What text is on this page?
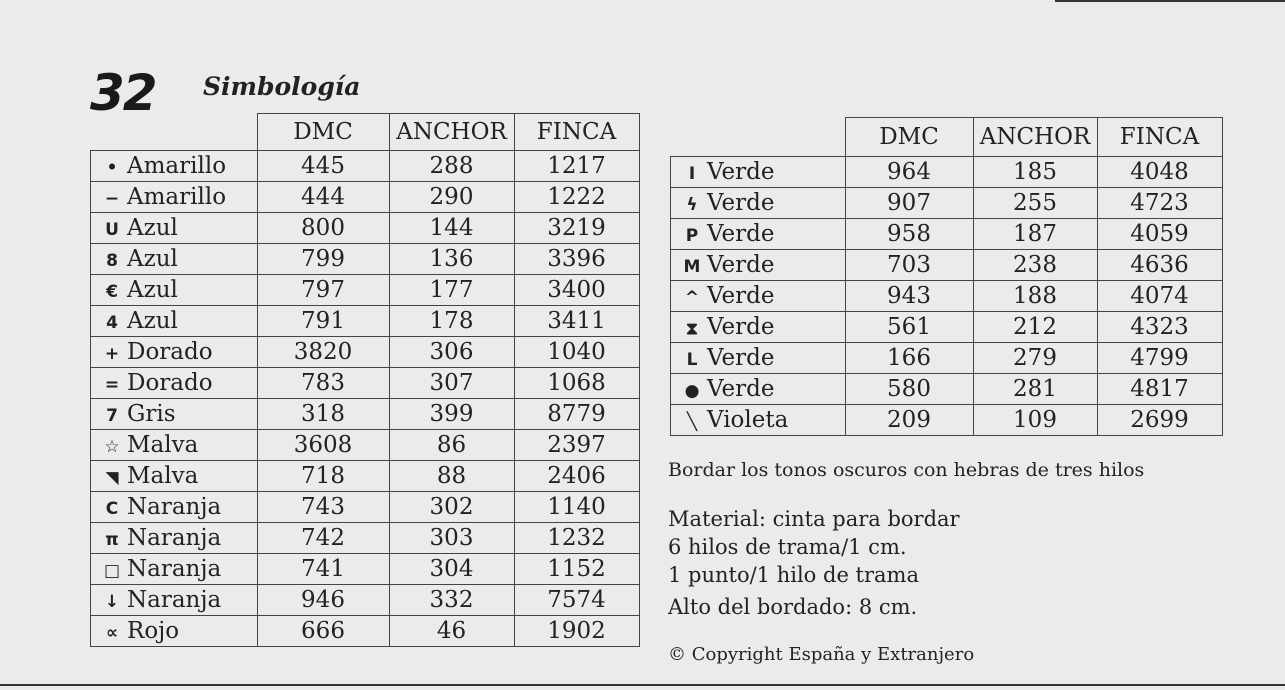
32 Simbología
	DMC	ANCHOR	FINCA
• Amarillo	445	288	1217
− Amarillo	444	290	1222
U Azul	800	144	3219
8 Azul	799	136	3396
€ Azul	797	177	3400
4 Azul	791	178	3411
+ Dorado	3820	306	1040
= Dorado	783	307	1068
7 Gris	318	399	8779
☆ Malva	3608	86	2397
◥ Malva	718	88	2406
C Naranja	743	302	1140
π Naranja	742	303	1232
□ Naranja	741	304	1152
↓ Naranja	946	332	7574
∝ Rojo	666	46	1902
	DMC	ANCHOR	FINCA
I Verde	964	185	4048
ϟ Verde	907	255	4723
P Verde	958	187	4059
M Verde	703	238	4636
^ Verde	943	188	4074
⧗ Verde	561	212	4323
L Verde	166	279	4799
● Verde	580	281	4817
╲ Violeta	209	109	2699
Bordar los tonos oscuros con hebras de tres hilos
Material: cinta para bordar
6 hilos de trama/1 cm.
1 punto/1 hilo de trama
Alto del bordado: 8 cm.
© Copyright España y Extranjero
